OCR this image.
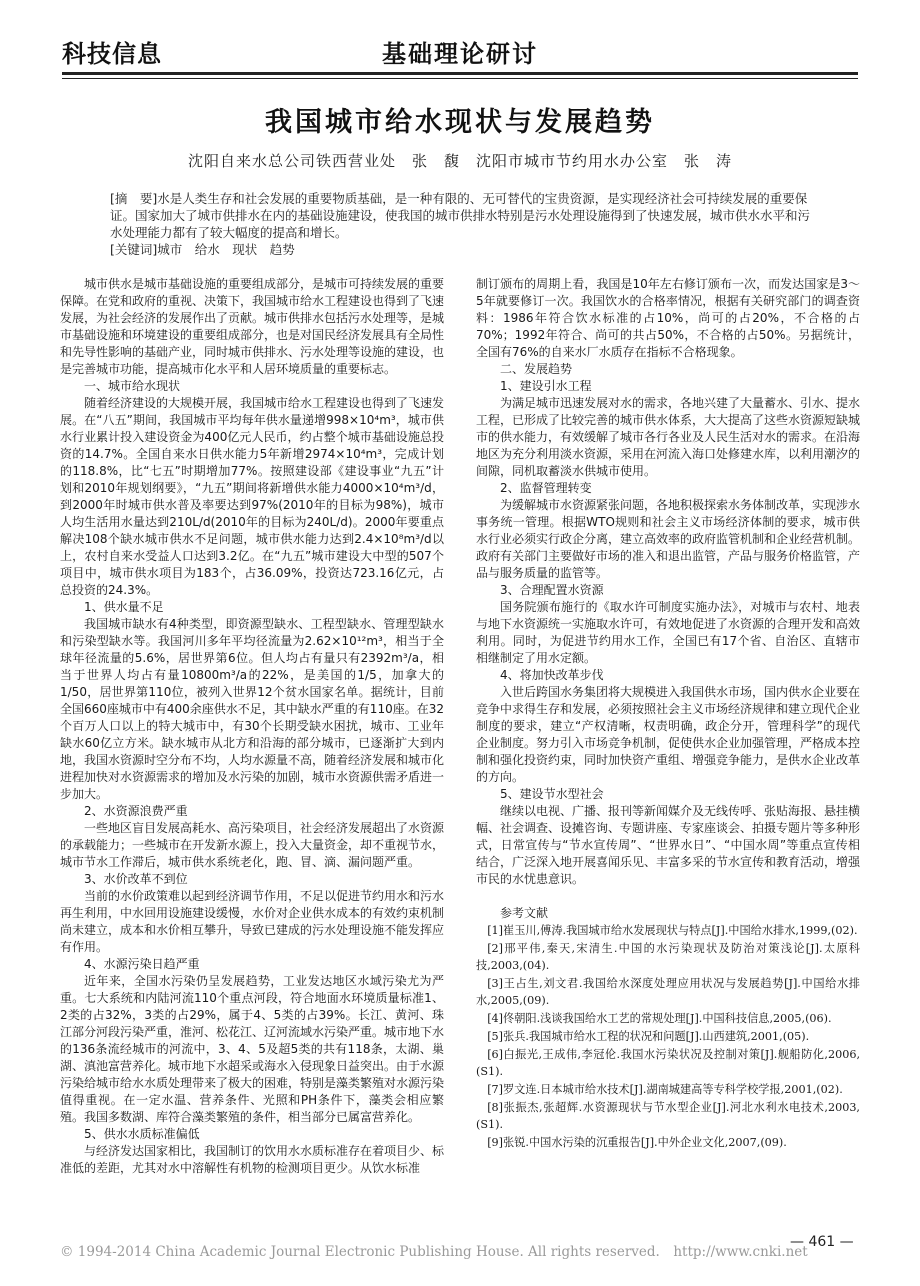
科技信息	基础理论研讨
我国城市给水现状与发展趋势
沈阳自来水总公司铁西营业处　张　馥　沈阳市城市节约用水办公室　张　涛

[摘　要]水是人类生存和社会发展的重要物质基础，是一种有限的、无可替代的宝贵资源，是实现经济社会可持续发展的重要保证。国家加大了城市供排水在内的基础设施建设，使我国的城市供排水特别是污水处理设施得到了快速发展，城市供水水平和污水处理能力都有了较大幅度的提高和增长。

[关键词]城市　给水　现状　趋势

城市供水是城市基础设施的重要组成部分，是城市可持续发展的重要保障。在党和政府的重视、决策下，我国城市给水工程建设也得到了飞速发展，为社会经济的发展作出了贡献。城市供排水包括污水处理等，是城市基础设施和环境建设的重要组成部分，也是对国民经济发展具有全局性和先导性影响的基础产业，同时城市供排水、污水处理等设施的建设，也是完善城市功能，提高城市化水平和人居环境质量的重要标志。

一、城市给水现状

随着经济建设的大规模开展，我国城市给水工程建设也得到了飞速发展。在“八五”期间，我国城市平均每年供水量递增998×10⁴m³，城市供水行业累计投入建设资金为400亿元人民币，约占整个城市基础设施总投资的14.7%。全国自来水日供水能力5年新增2974×10⁴m³，完成计划的118.8%，比“七五”时期增加77%。按照建设部《建设事业“九五”计划和2010年规划纲要》，“九五”期间将新增供水能力4000×10⁴m³/d，到2000年时城市供水普及率要达到97%(2010年的目标为98%)，城市人均生活用水量达到210L/d(2010年的目标为240L/d)。2000年要重点解决108个缺水城市供水不足问题，城市供水能力达到2.4×10⁸m³/d以上，农村自来水受益人口达到3.2亿。在“九五”城市建设大中型的507个项目中，城市供水项目为183个，占36.09%，投资达723.16亿元，占总投资的24.3%。

1、供水量不足

我国城市缺水有4种类型，即资源型缺水、工程型缺水、管理型缺水和污染型缺水等。我国河川多年平均径流量为2.62×10¹²m³，相当于全球年径流量的5.6%，居世界第6位。但人均占有量只有2392m³/a，相当于世界人均占有量10800m³/a的22%，是美国的1/5，加拿大的1/50，居世界第110位，被列入世界12个贫水国家名单。据统计，目前全国660座城市中有400余座供水不足，其中缺水严重的有110座。在32个百万人口以上的特大城市中，有30个长期受缺水困扰，城市、工业年缺水60亿立方米。缺水城市从北方和沿海的部分城市，已逐渐扩大到内地，我国水资源时空分布不均，人均水源量不高，随着经济发展和城市化进程加快对水资源需求的增加及水污染的加剧，城市水资源供需矛盾进一步加大。

2、水资源浪费严重

一些地区盲目发展高耗水、高污染项目，社会经济发展超出了水资源的承载能力；一些城市在开发新水源上，投入大量资金，却不重视节水，城市节水工作滞后，城市供水系统老化，跑、冒、滴、漏问题严重。

3、水价改革不到位

当前的水价政策难以起到经济调节作用，不足以促进节约用水和污水再生利用，中水回用设施建设缓慢，水价对企业供水成本的有效约束机制尚未建立，成本和水价相互攀升，导致已建成的污水处理设施不能发挥应有作用。

4、水源污染日趋严重

近年来，全国水污染仍呈发展趋势，工业发达地区水域污染尤为严重。七大系统和内陆河流110个重点河段，符合地面水环境质量标准1、2类的占32%，3类的占29%，属于4、5类的占39%。长江、黄河、珠江部分河段污染严重，淮河、松花江、辽河流域水污染严重。城市地下水的136条流经城市的河流中，3、4、5及超5类的共有118条，太湖、巢湖、滇池富营养化。城市地下水超采或海水入侵现象日益突出。由于水源污染给城市给水水质处理带来了极大的困难，特别是藻类繁殖对水源污染值得重视。在一定水温、营养条件、光照和PH条件下，藻类会相应繁殖。我国多数湖、库符合藻类繁殖的条件，相当部分已属富营养化。

5、供水水质标准偏低

与经济发达国家相比，我国制订的饮用水水质标准存在着项目少、标准低的差距，尤其对水中溶解性有机物的检测项目更少。从饮水标准

制订颁布的周期上看，我国是10年左右修订颁布一次，而发达国家是3～5年就要修订一次。我国饮水的合格率情况，根据有关研究部门的调查资料：1986年符合饮水标准的占10%，尚可的占20%，不合格的占70%；1992年符合、尚可的共占50%，不合格的占50%。另据统计，全国有76%的自来水厂水质存在指标不合格现象。

二、发展趋势

1、建设引水工程

为满足城市迅速发展对水的需求，各地兴建了大量蓄水、引水、提水工程，已形成了比较完善的城市供水体系，大大提高了这些水资源短缺城市的供水能力，有效缓解了城市各行各业及人民生活对水的需求。在沿海地区为充分利用淡水资源，采用在河流入海口处修建水库，以利用潮汐的间隙，同机取蓄淡水供城市使用。

2、监督管理转变

为缓解城市水资源紧张问题，各地积极探索水务体制改革，实现涉水事务统一管理。根据WTO规则和社会主义市场经济体制的要求，城市供水行业必须实行政企分离，建立高效率的政府监管机制和企业经营机制。政府有关部门主要做好市场的准入和退出监管，产品与服务价格监管，产品与服务质量的监管等。

3、合理配置水资源

国务院颁布施行的《取水许可制度实施办法》，对城市与农村、地表与地下水资源统一实施取水许可，有效地促进了水资源的合理开发和高效利用。同时，为促进节约用水工作，全国已有17个省、自治区、直辖市相继制定了用水定额。

4、将加快改革步伐

入世后跨国水务集团将大规模进入我国供水市场，国内供水企业要在竞争中求得生存和发展，必须按照社会主义市场经济规律和建立现代企业制度的要求，建立“产权清晰，权责明确，政企分开，管理科学”的现代企业制度。努力引入市场竞争机制，促使供水企业加强管理，严格成本控制和强化投资约束，同时加快资产重组、增强竞争能力，是供水企业改革的方向。

5、建设节水型社会

继续以电视、广播、报刊等新闻媒介及无线传呼、张贴海报、悬挂横幅、社会调查、设摊咨询、专题讲座、专家座谈会、拍摄专题片等多种形式，日常宣传与“节水宣传周”、“世界水日”、“中国水周”等重点宣传相结合，广泛深入地开展喜闻乐见、丰富多采的节水宣传和教育活动，增强市民的水忧患意识。

参考文献

[1]崔玉川,傅涛.我国城市给水发展现状与特点[J].中国给水排水,1999,(02).

[2]邢平伟,秦天,宋清生.中国的水污染现状及防治对策浅论[J].太原科技,2003,(04).

[3]王占生,刘文君.我国给水深度处理应用状况与发展趋势[J].中国给水排水,2005,(09).

[4]佟朝阳.浅谈我国给水工艺的常规处理[J].中国科技信息,2005,(06).

[5]张兵.我国城市给水工程的状况和问题[J].山西建筑,2001,(05).

[6]白振光,王成伟,李冠伦.我国水污染状况及控制对策[J].舰船防化,2006,(S1).

[7]罗文连.日本城市给水技术[J].湖南城建高等专科学校学报,2001,(02).

[8]张振杰,张超辉.水资源现状与节水型企业[J].河北水利水电技术,2003,(S1).

[9]张锐.中国水污染的沉重报告[J].中外企业文化,2007,(09).

© 1994-2014 China Academic Journal Electronic Publishing House. All rights reserved.　http://www.cnki.net
— 461 —
